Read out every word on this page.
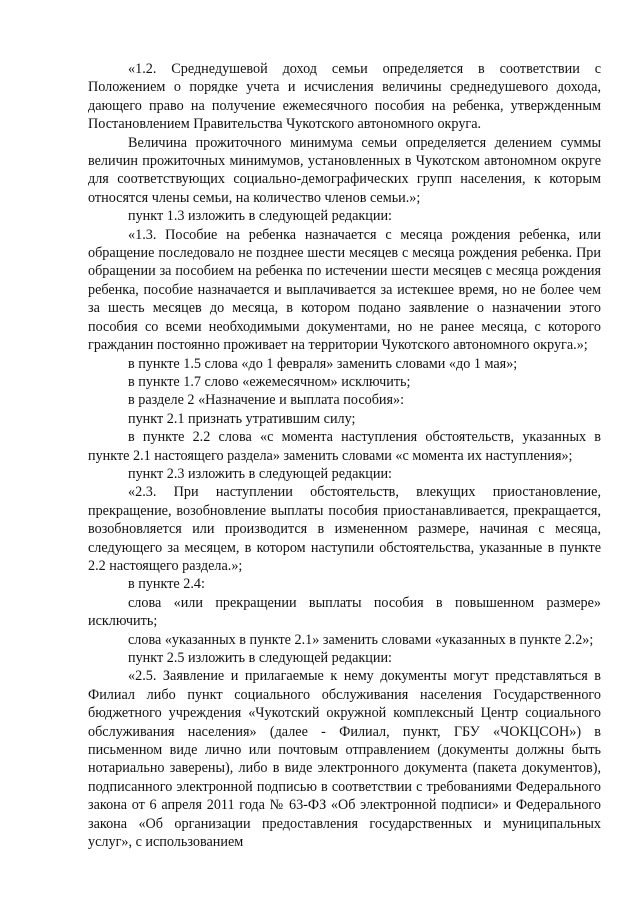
«1.2. Среднедушевой доход семьи определяется в соответствии с Положением о порядке учета и исчисления величины среднедушевого дохода, дающего право на получение ежемесячного пособия на ребенка, утвержденным Постановлением Правительства Чукотского автономного округа.

Величина прожиточного минимума семьи определяется делением суммы величин прожиточных минимумов, установленных в Чукотском автономном округе для соответствующих социально-демографических групп населения, к которым относятся члены семьи, на количество членов семьи.»;

пункт 1.3 изложить в следующей редакции:

«1.3. Пособие на ребенка назначается с месяца рождения ребенка, или обращение последовало не позднее шести месяцев с месяца рождения ребенка. При обращении за пособием на ребенка по истечении шести месяцев с месяца рождения ребенка, пособие назначается и выплачивается за истекшее время, но не более чем за шесть месяцев до месяца, в котором подано заявление о назначении этого пособия со всеми необходимыми документами, но не ранее месяца, с которого гражданин постоянно проживает на территории Чукотского автономного округа.»;

в пункте 1.5 слова «до 1 февраля» заменить словами «до 1 мая»;

в пункте 1.7 слово «ежемесячном» исключить;

в разделе 2 «Назначение и выплата пособия»:

пункт 2.1 признать утратившим силу;

в пункте 2.2 слова «с момента наступления обстоятельств, указанных в пункте 2.1 настоящего раздела» заменить словами «с момента их наступления»;

пункт 2.3 изложить в следующей редакции:

«2.3. При наступлении обстоятельств, влекущих приостановление, прекращение, возобновление выплаты пособия приостанавливается, прекращается, возобновляется или производится в измененном размере, начиная с месяца, следующего за месяцем, в котором наступили обстоятельства, указанные в пункте 2.2 настоящего раздела.»;

в пункте 2.4:

слова «или прекращении выплаты пособия в повышенном размере» исключить;

слова «указанных в пункте 2.1» заменить словами «указанных в пункте 2.2»;

пункт 2.5 изложить в следующей редакции:

«2.5. Заявление и прилагаемые к нему документы могут представляться в Филиал либо пункт социального обслуживания населения Государственного бюджетного учреждения «Чукотский окружной комплексный Центр социального обслуживания населения» (далее - Филиал, пункт, ГБУ «ЧОКЦСОН») в письменном виде лично или почтовым отправлением (документы должны быть нотариально заверены), либо в виде электронного документа (пакета документов), подписанного электронной подписью в соответствии с требованиями Федерального закона от 6 апреля 2011 года № 63-ФЗ «Об электронной подписи» и Федерального закона «Об организации предоставления государственных и муниципальных услуг», с использованием
